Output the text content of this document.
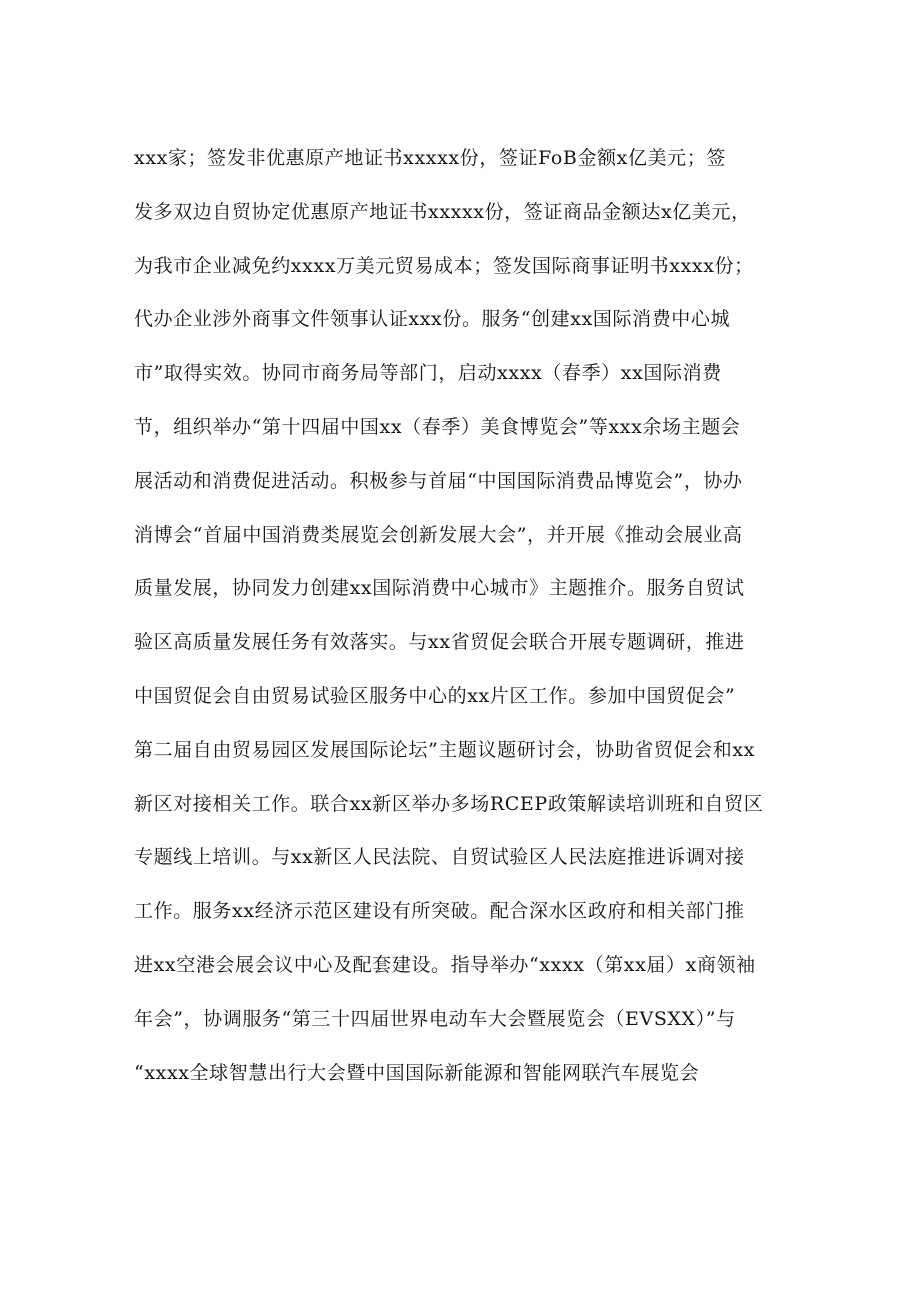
xxx家；签发非优惠原产地证书xxxxx份，签证FoB金额x亿美元；签
发多双边自贸协定优惠原产地证书xxxxx份，签证商品金额达x亿美元，
为我市企业减免约xxxx万美元贸易成本；签发国际商事证明书xxxx份；
代办企业涉外商事文件领事认证xxx份。服务“创建xx国际消费中心城
市”取得实效。协同市商务局等部门，启动xxxx（春季）xx国际消费
节，组织举办“第十四届中国xx（春季）美食博览会”等xxx余场主题会
展活动和消费促进活动。积极参与首届“中国国际消费品博览会”，协办
消博会“首届中国消费类展览会创新发展大会”，并开展《推动会展业高
质量发展，协同发力创建xx国际消费中心城市》主题推介。服务自贸试
验区高质量发展任务有效落实。与xx省贸促会联合开展专题调研，推进
中国贸促会自由贸易试验区服务中心的xx片区工作。参加中国贸促会”
第二届自由贸易园区发展国际论坛”主题议题研讨会，协助省贸促会和xx
新区对接相关工作。联合xx新区举办多场RCEP政策解读培训班和自贸区
专题线上培训。与xx新区人民法院、自贸试验区人民法庭推进诉调对接
工作。服务xx经济示范区建设有所突破。配合深水区政府和相关部门推
进xx空港会展会议中心及配套建设。指导举办“xxxx（第xx届）x商领袖
年会”，协调服务“第三十四届世界电动车大会暨展览会（EVSXX）”与
“xxxx全球智慧出行大会暨中国国际新能源和智能网联汽车展览会
